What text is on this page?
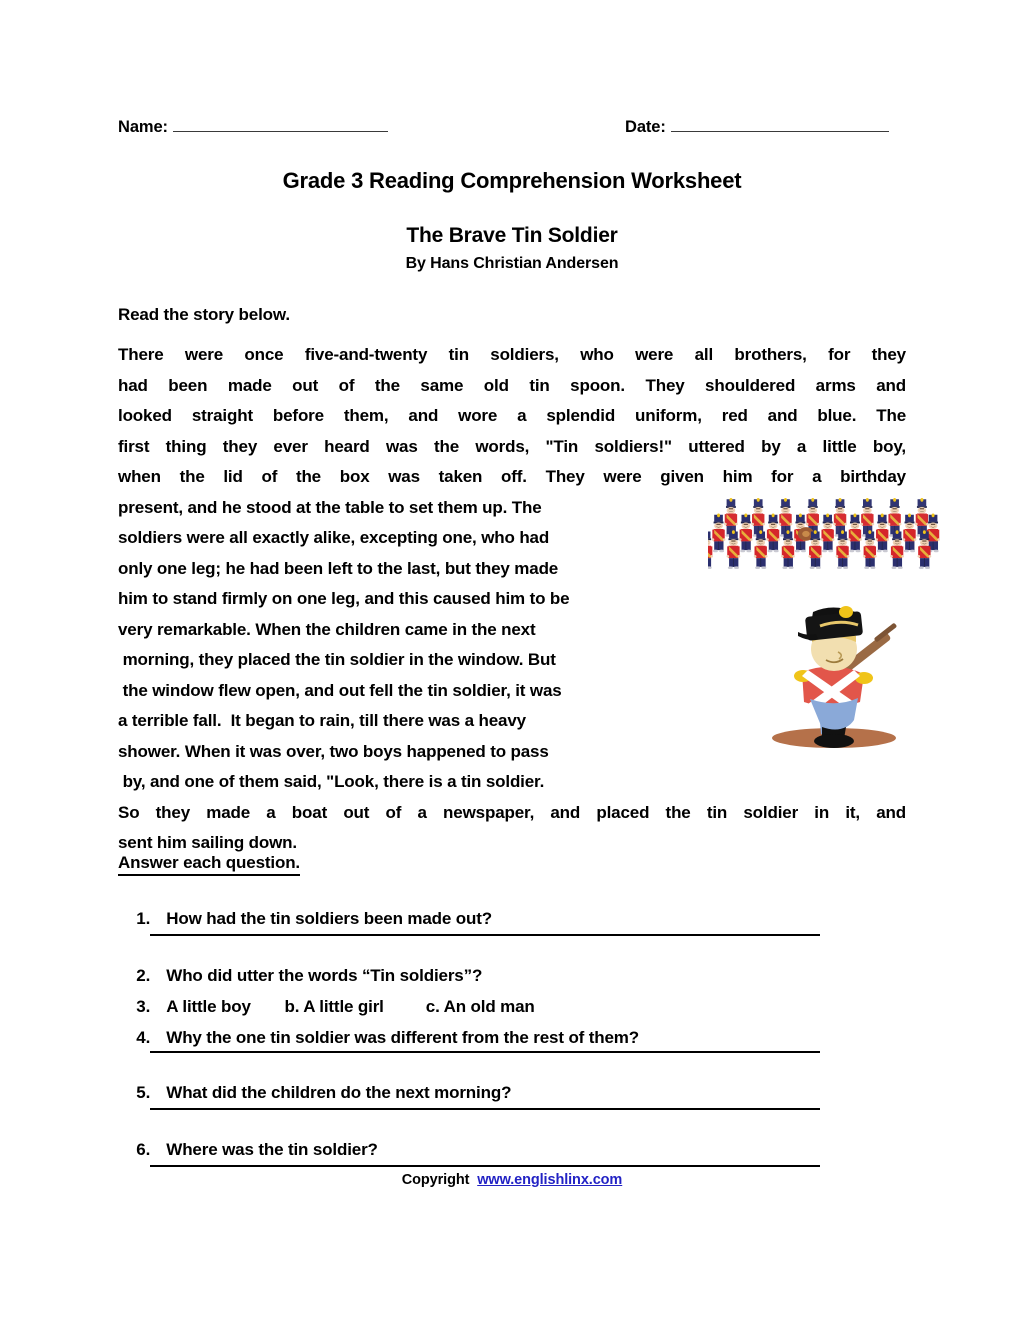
Name:	Date:
Grade 3 Reading Comprehension Worksheet
The Brave Tin Soldier
By Hans Christian Andersen
Read the story below.
There were once five-and-twenty tin soldiers, who were all brothers, for they
had been made out of the same old tin spoon. They shouldered arms and
looked straight before them, and wore a splendid uniform, red and blue. The
first thing they ever heard was the words, "Tin soldiers!" uttered by a little boy,
when the lid of the box was taken off. They were given him for a birthday
present, and he stood at the table to set them up. The
soldiers were all exactly alike, excepting one, who had
only one leg; he had been left to the last, but they made
him to stand firmly on one leg, and this caused him to be
very remarkable. When the children came in the next
morning, they placed the tin soldier in the window. But
the window flew open, and out fell the tin soldier, it was
a terrible fall.  It began to rain, till there was a heavy
shower. When it was over, two boys happened to pass
by, and one of them said, "Look, there is a tin soldier.
So they made a boat out of a newspaper, and placed the tin soldier in it, and
sent him sailing down.
Answer each question.

1. How had the tin soldiers been made out?

2. Who did utter the words “Tin soldiers”?

3. A little boy  b. A little girl   c. An old man

4. Why the one tin soldier was different from the rest of them?

5. What did the children do the next morning?

6. Where was the tin soldier?

Copyright www.englishlinx.com
